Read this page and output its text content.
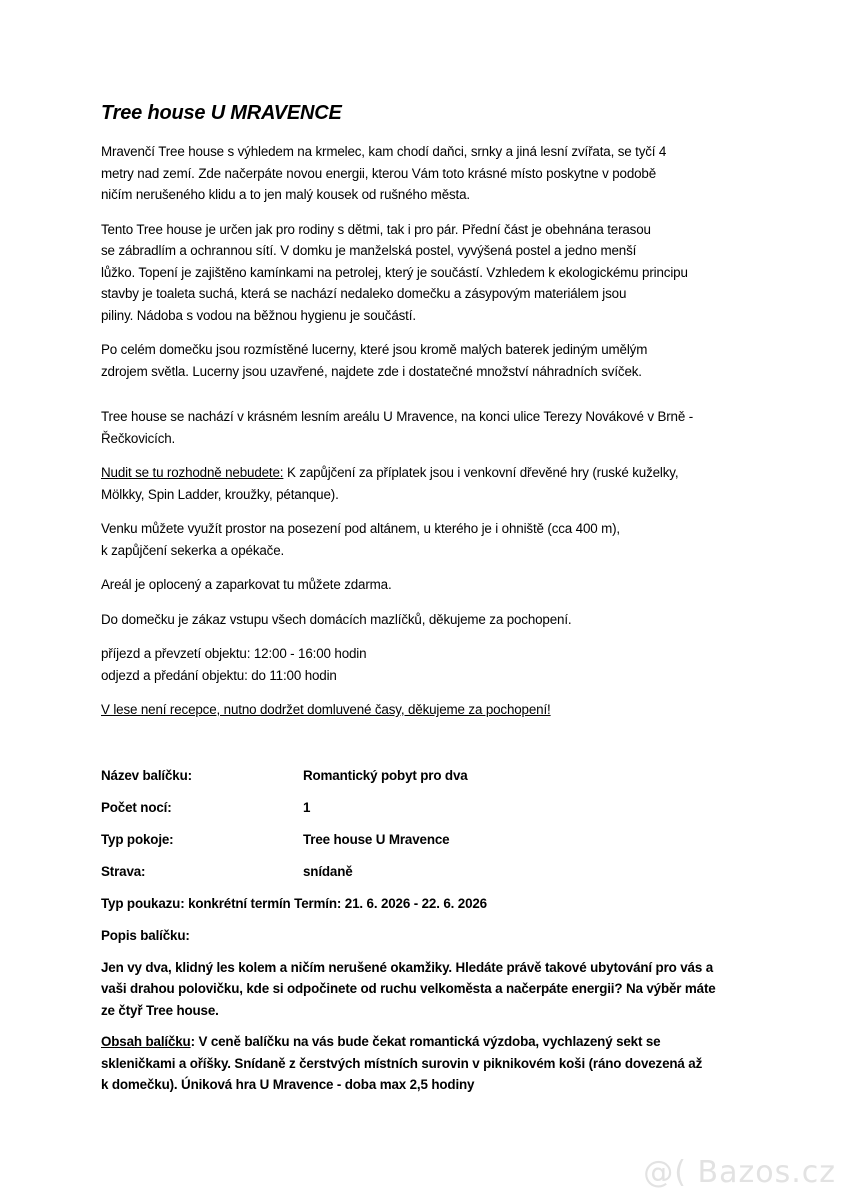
Tree house U MRAVENCE

Mravenčí Tree house s výhledem na krmelec, kam chodí daňci, srnky a jiná lesní zvířata, se tyčí 4
metry nad zemí. Zde načerpáte novou energii, kterou Vám toto krásné místo poskytne v podobě
ničím nerušeného klidu a to jen malý kousek od rušného města.

Tento Tree house je určen jak pro rodiny s dětmi, tak i pro pár. Přední část je obehnána terasou
se zábradlím a ochrannou sítí. V domku je manželská postel, vyvýšená postel a jedno menší
lůžko. Topení je zajištěno kamínkami na petrolej, který je součástí. Vzhledem k ekologickému principu
stavby je toaleta suchá, která se nachází nedaleko domečku a zásypovým materiálem jsou
piliny. Nádoba s vodou na běžnou hygienu je součástí.

Po celém domečku jsou rozmístěné lucerny, které jsou kromě malých baterek jediným umělým
zdrojem světla. Lucerny jsou uzavřené, najdete zde i dostatečné množství náhradních svíček.

Tree house se nachází v krásném lesním areálu U Mravence, na konci ulice Terezy Novákové v Brně -
Řečkovicích.

Nudit se tu rozhodně nebudete: K zapůjčení za příplatek jsou i venkovní dřevěné hry (ruské kuželky,
Mölkky, Spin Ladder, kroužky, pétanque).

Venku můžete využít prostor na posezení pod altánem, u kterého je i ohniště (cca 400 m),
k zapůjčení sekerka a opékače.

Areál je oplocený a zaparkovat tu můžete zdarma.

Do domečku je zákaz vstupu všech domácích mazlíčků, děkujeme za pochopení.

příjezd a převzetí objektu: 12:00 - 16:00 hodin
odjezd a předání objektu: do 11:00 hodin

V lese není recepce, nutno dodržet domluvené časy, děkujeme za pochopení!

Název balíčku:	Romantický pobyt pro dva
Počet nocí:	1
Typ pokoje:	Tree house U Mravence
Strava:	snídaně
Typ poukazu: konkrétní termín Termín: 21. 6. 2026 - 22. 6. 2026
Popis balíčku:

Jen vy dva, klidný les kolem a ničím nerušené okamžiky. Hledáte právě takové ubytování pro vás a
vaši drahou polovičku, kde si odpočinete od ruchu velkoměsta a načerpáte energii? Na výběr máte
ze čtyř Tree house.

Obsah balíčku: V ceně balíčku na vás bude čekat romantická výzdoba, vychlazený sekt se
skleničkami a oříšky. Snídaně z čerstvých místních surovin v piknikovém koši (ráno dovezená až
k domečku). Úniková hra U Mravence - doba max 2,5 hodiny

@( Bazos.cz
